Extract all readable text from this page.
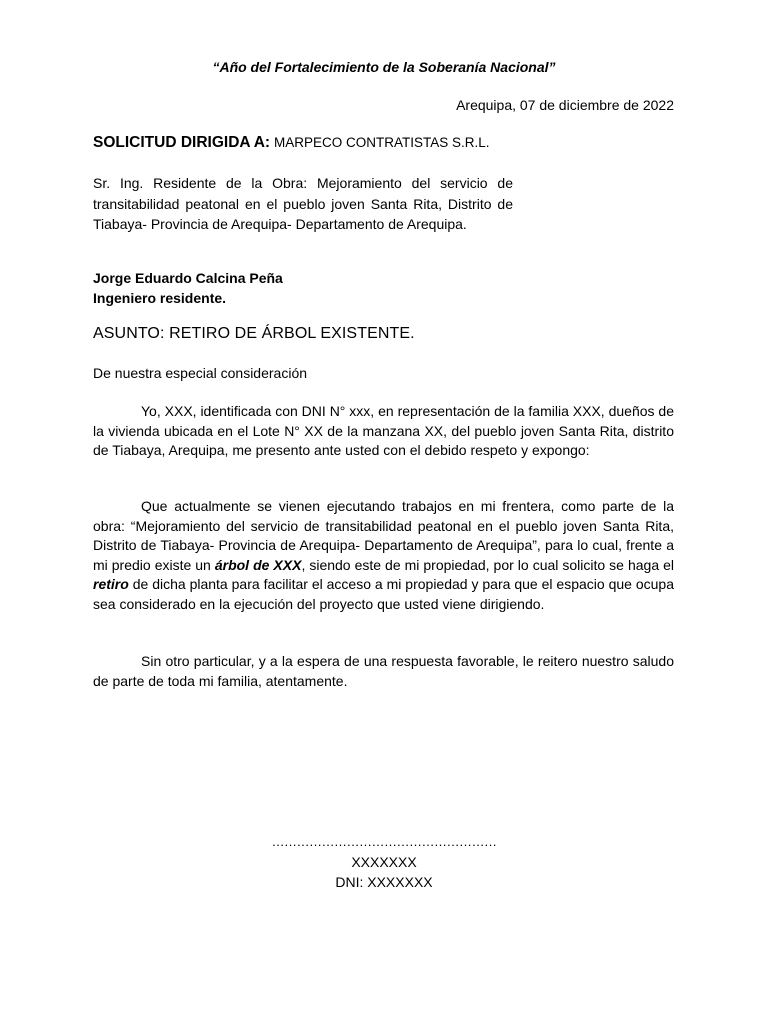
“Año del Fortalecimiento de la Soberanía Nacional”
Arequipa, 07 de diciembre de 2022
SOLICITUD DIRIGIDA A: MARPECO CONTRATISTAS S.R.L.
Sr. Ing. Residente de la Obra: Mejoramiento del servicio de transitabilidad peatonal en el pueblo joven Santa Rita, Distrito de Tiabaya- Provincia de Arequipa- Departamento de Arequipa.
Jorge Eduardo Calcina Peña
Ingeniero residente.
ASUNTO: RETIRO DE ÁRBOL EXISTENTE.
De nuestra especial consideración
Yo, XXX, identificada con DNI N° xxx, en representación de la familia XXX, dueños de la vivienda ubicada en el Lote N° XX de la manzana XX, del pueblo joven Santa Rita, distrito de Tiabaya, Arequipa, me presento ante usted con el debido respeto y expongo:
Que actualmente se vienen ejecutando trabajos en mi frentera, como parte de la obra: “Mejoramiento del servicio de transitabilidad peatonal en el pueblo joven Santa Rita, Distrito de Tiabaya- Provincia de Arequipa- Departamento de Arequipa”, para lo cual, frente a mi predio existe un árbol de XXX, siendo este de mi propiedad, por lo cual solicito se haga el retiro de dicha planta para facilitar el acceso a mi propiedad y para que el espacio que ocupa sea considerado en la ejecución del proyecto que usted viene dirigiendo.
Sin otro particular, y a la espera de una respuesta favorable, le reitero nuestro saludo de parte de toda mi familia, atentamente.
………………………………………………
XXXXXXX
DNI: XXXXXXX
